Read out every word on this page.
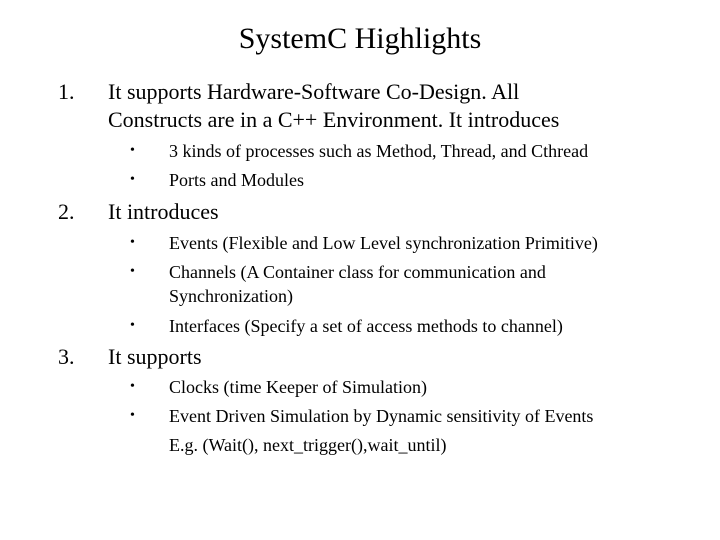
SystemC Highlights
1. It supports Hardware-Software Co-Design. All
Constructs are in a C++ Environment. It introduces
• 3 kinds of processes such as Method, Thread, and Cthread
• Ports and Modules
2. It introduces
• Events (Flexible and Low Level synchronization Primitive)
• Channels (A Container class for communication and
Synchronization)
• Interfaces (Specify a set of access methods to channel)
3. It supports
• Clocks (time Keeper of Simulation)
• Event Driven Simulation by Dynamic sensitivity of Events
E.g. (Wait(), next_trigger(),wait_until)
